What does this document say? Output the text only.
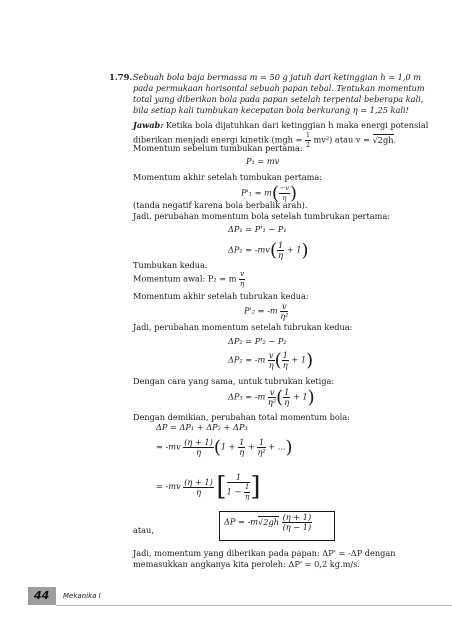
1.79. Sebuah bola baja bermassa m = 50 g jatuh dari ketinggian h = 1,0 m
pada permukaan horisontal sebuah papan tebal. Tentukan momentum
total yang diberikan bola pada papan setelah terpental beberapa kali,
bila setiap kali tumbukan kecepatan bola berkurang η = 1,25 kali!
Jawab: Ketika bola dijatuhkan dari ketinggian h maka energi potensial
diberikan menjadi energi kinetik $(mgh = \frac{1}{2} mv^2)$ atau v = √2gh.
Momentum sebelum tumbukan pertama:
P₁ = mv
Momentum akhir setelah tumbukan pertama:
$P'_1 = m( \frac{-v}{\eta}$ )
(tanda negatif karena bola berbalik arah).
Jadi, perubahan momentum bola setelah tumbrukan pertama:
ΔP₁ = P'₁ − P₁
$\Delta P_1 = -mv( \frac{1}{\eta} + 1)$
Tumbukan kedua.
Momentum awal: P₂ = m $\frac{v}{\eta}$
Momentum akhir setelah tubrukan kedua:
$P'_2 = -m \frac{v}{\text{η²}}$
Jadi, perubahan momentum setelah tubrukan kedua:
ΔP₂ = P'₂ − P₂
$\Delta P_2 = -m \frac{v}{\eta}$ ( $\frac{1}{\eta} + 1$)
Dengan cara yang sama, untuk tubrukan ketiga:
$\Delta P_3 = -m \frac{v}{\text{η²}}$ ( $\frac{1}{\eta} + 1$)
Dengan demikian, perubahan total momentum bola:
ΔP = ΔP₁ + ΔP₂ + ΔP₃
= $-mv \frac{(\eta + 1)}{\eta} (1 + \frac{1}{\eta} + \frac{1}{\text{η²}}$ + ...)
= $-mv \frac{(\eta + 1)}{\eta}$ [ $\frac{1}{1 - \frac{1}{\eta}}$ ]
atau,
$\Delta P = -m√2gh \frac{(\eta + 1)}{(\eta - 1)}$
Jadi, momentum yang diberikan pada papan: ΔP' = -ΔP dengan
memasukkan angkanya kita peroleh: ΔP' = 0,2 kg.m/s.
44 Mekanika I
